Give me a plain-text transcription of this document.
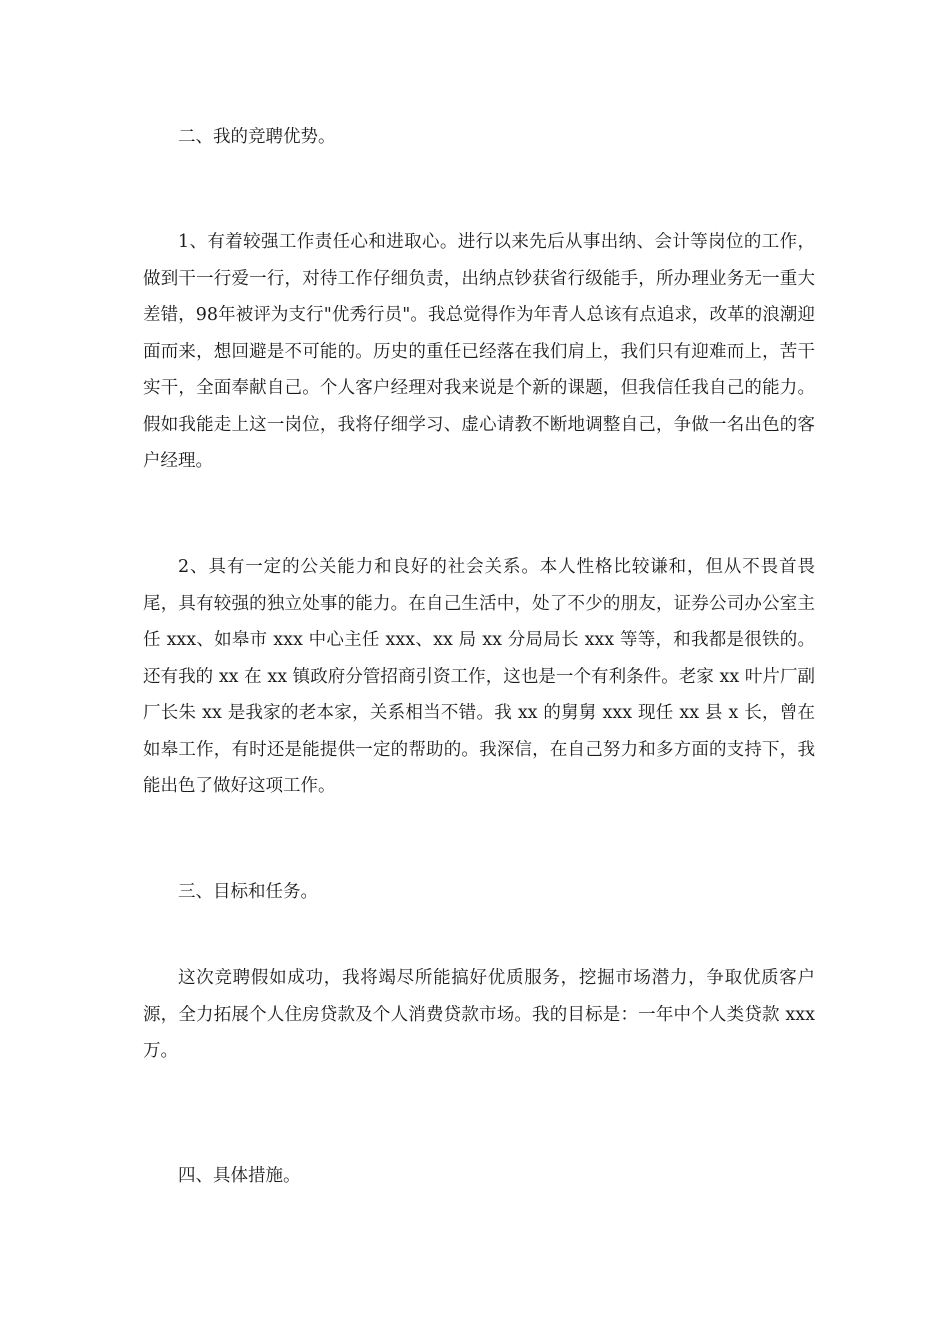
二、我的竞聘优势。

1、有着较强工作责任心和进取心。进行以来先后从事出纳、会计等岗位的工作，做到干一行爱一行，对待工作仔细负责，出纳点钞获省行级能手，所办理业务无一重大差错，98年被评为支行"优秀行员"。我总觉得作为年青人总该有点追求，改革的浪潮迎面而来，想回避是不可能的。历史的重任已经落在我们肩上，我们只有迎难而上，苦干实干，全面奉献自己。个人客户经理对我来说是个新的课题，但我信任我自己的能力。假如我能走上这一岗位，我将仔细学习、虚心请教不断地调整自己，争做一名出色的客户经理。

2、具有一定的公关能力和良好的社会关系。本人性格比较谦和，但从不畏首畏尾，具有较强的独立处事的能力。在自己生活中，处了不少的朋友，证券公司办公室主任 xxx、如皋市 xxx 中心主任 xxx、xx 局 xx 分局局长 xxx 等等，和我都是很铁的。还有我的 xx 在 xx 镇政府分管招商引资工作，这也是一个有利条件。老家 xx 叶片厂副厂长朱 xx 是我家的老本家，关系相当不错。我 xx 的舅舅 xxx 现任 xx 县 x 长，曾在如皋工作，有时还是能提供一定的帮助的。我深信，在自己努力和多方面的支持下，我能出色了做好这项工作。

三、目标和任务。

这次竞聘假如成功，我将竭尽所能搞好优质服务，挖掘市场潜力，争取优质客户源，全力拓展个人住房贷款及个人消费贷款市场。我的目标是：一年中个人类贷款 xxx 万。

四、具体措施。
